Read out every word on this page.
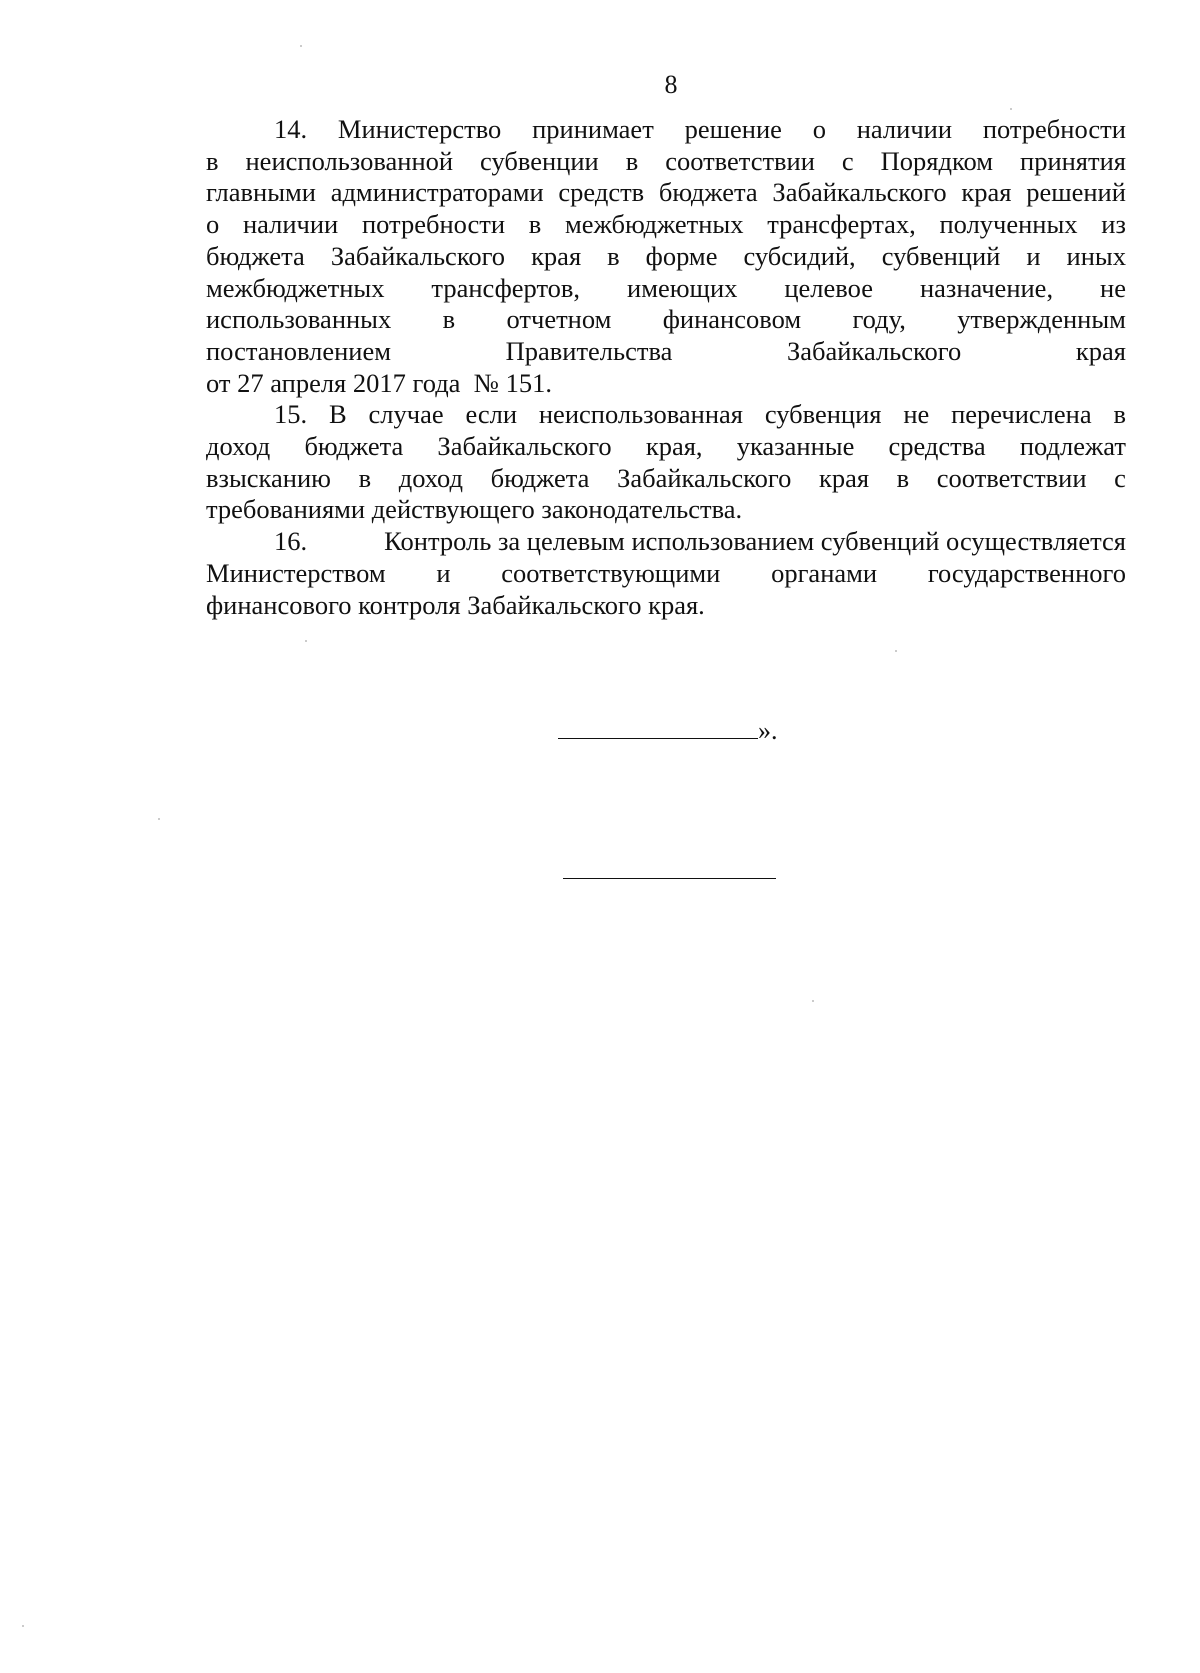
8
14. Министерство принимает решение о наличии потребности
в неиспользованной субвенции в соответствии с Порядком принятия
главными администраторами средств бюджета Забайкальского края решений
о наличии потребности в межбюджетных трансфертах, полученных из
бюджета Забайкальского края в форме субсидий, субвенций и иных
межбюджетных трансфертов, имеющих целевое назначение, не
использованных в отчетном финансовом году, утвержденным
постановлением	Правительства	Забайкальского	края
от 27 апреля 2017 года  № 151.
15. В случае если неиспользованная субвенция не перечислена в
доход бюджета Забайкальского края, указанные средства подлежат
взысканию в доход бюджета Забайкальского края в соответствии с
требованиями действующего законодательства.
16.	Контроль за целевым использованием субвенций осуществляется
Министерством и соответствующими органами государственного
финансового контроля Забайкальского края.
».
